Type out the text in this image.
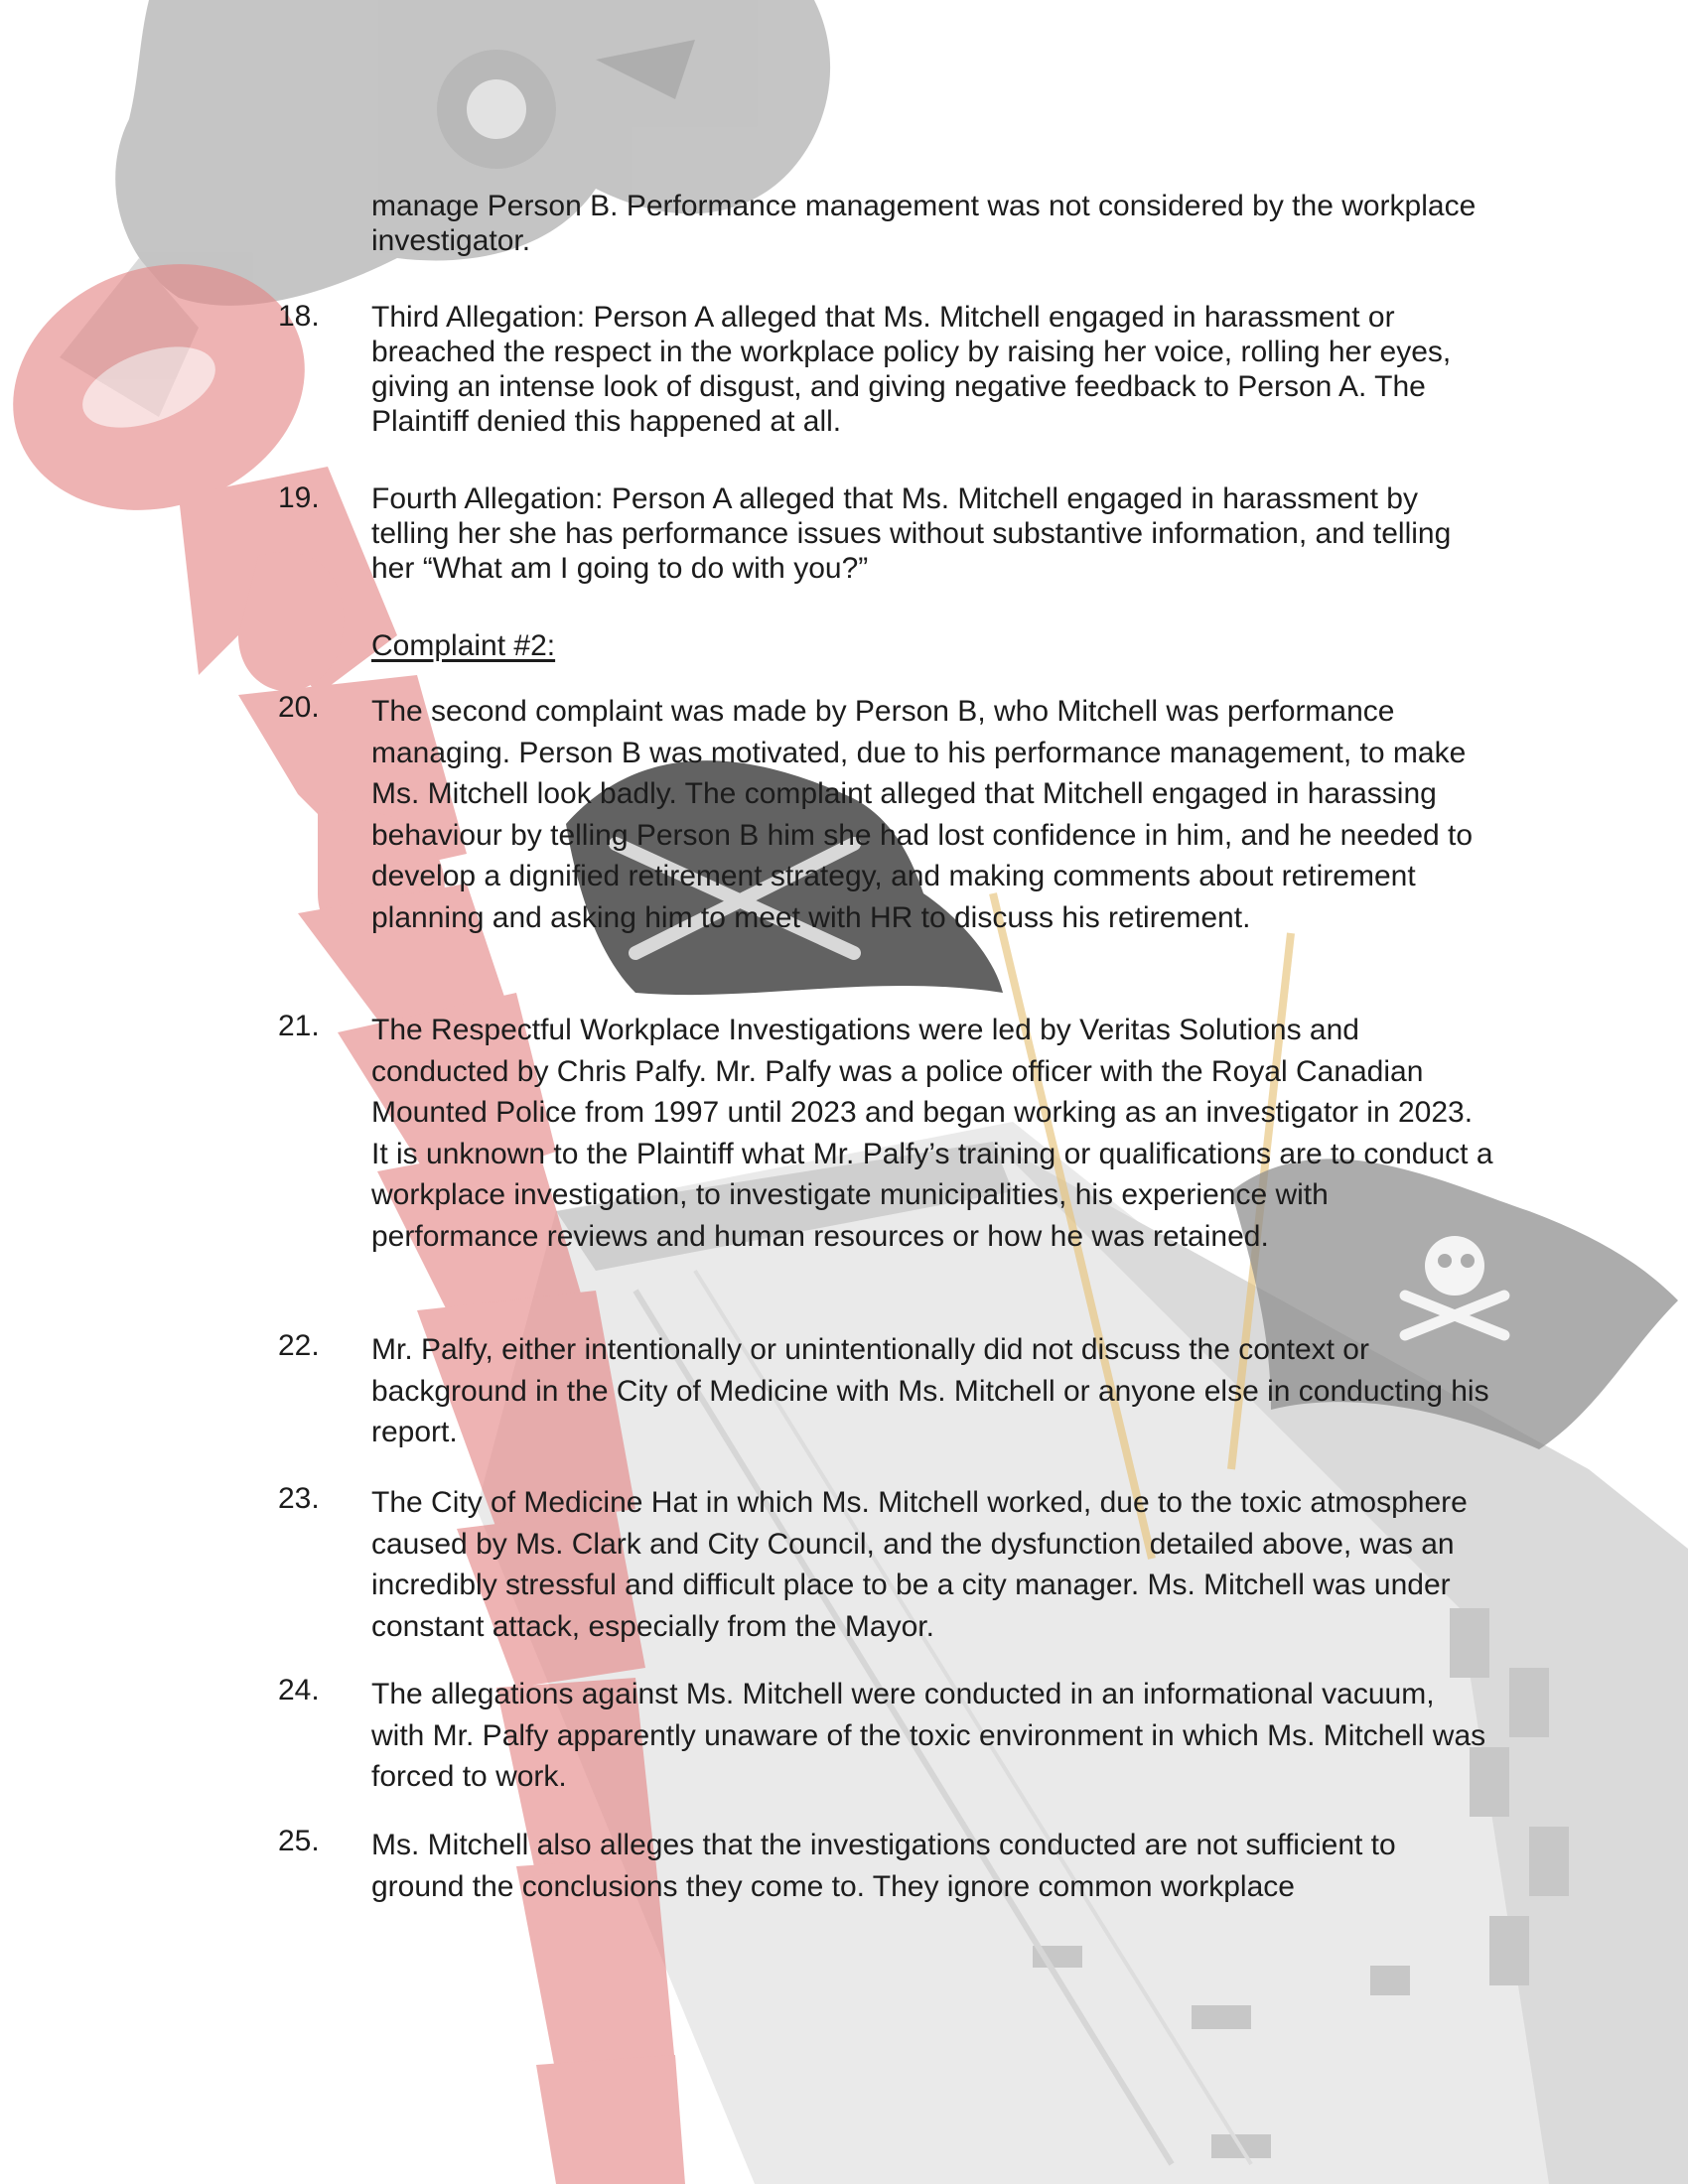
manage Person B. Performance management was not considered by the workplace investigator.

18. Third Allegation: Person A alleged that Ms. Mitchell engaged in harassment or breached the respect in the workplace policy by raising her voice, rolling her eyes, giving an intense look of disgust, and giving negative feedback to Person A. The Plaintiff denied this happened at all.

19. Fourth Allegation: Person A alleged that Ms. Mitchell engaged in harassment by telling her she has performance issues without substantive information, and telling her “What am I going to do with you?”

Complaint #2:

20. The second complaint was made by Person B, who Mitchell was performance managing. Person B was motivated, due to his performance management, to make Ms. Mitchell look badly. The complaint alleged that Mitchell engaged in harassing behaviour by telling Person B him she had lost confidence in him, and he needed to develop a dignified retirement strategy, and making comments about retirement planning and asking him to meet with HR to discuss his retirement.

21. The Respectful Workplace Investigations were led by Veritas Solutions and conducted by Chris Palfy. Mr. Palfy was a police officer with the Royal Canadian Mounted Police from 1997 until 2023 and began working as an investigator in 2023. It is unknown to the Plaintiff what Mr. Palfy’s training or qualifications are to conduct a workplace investigation, to investigate municipalities, his experience with performance reviews and human resources or how he was retained.

22. Mr. Palfy, either intentionally or unintentionally did not discuss the context or background in the City of Medicine with Ms. Mitchell or anyone else in conducting his report.

23. The City of Medicine Hat in which Ms. Mitchell worked, due to the toxic atmosphere caused by Ms. Clark and City Council, and the dysfunction detailed above, was an incredibly stressful and difficult place to be a city manager. Ms. Mitchell was under constant attack, especially from the Mayor.

24. The allegations against Ms. Mitchell were conducted in an informational vacuum, with Mr. Palfy apparently unaware of the toxic environment in which Ms. Mitchell was forced to work.

25. Ms. Mitchell also alleges that the investigations conducted are not sufficient to ground the conclusions they come to. They ignore common workplace
